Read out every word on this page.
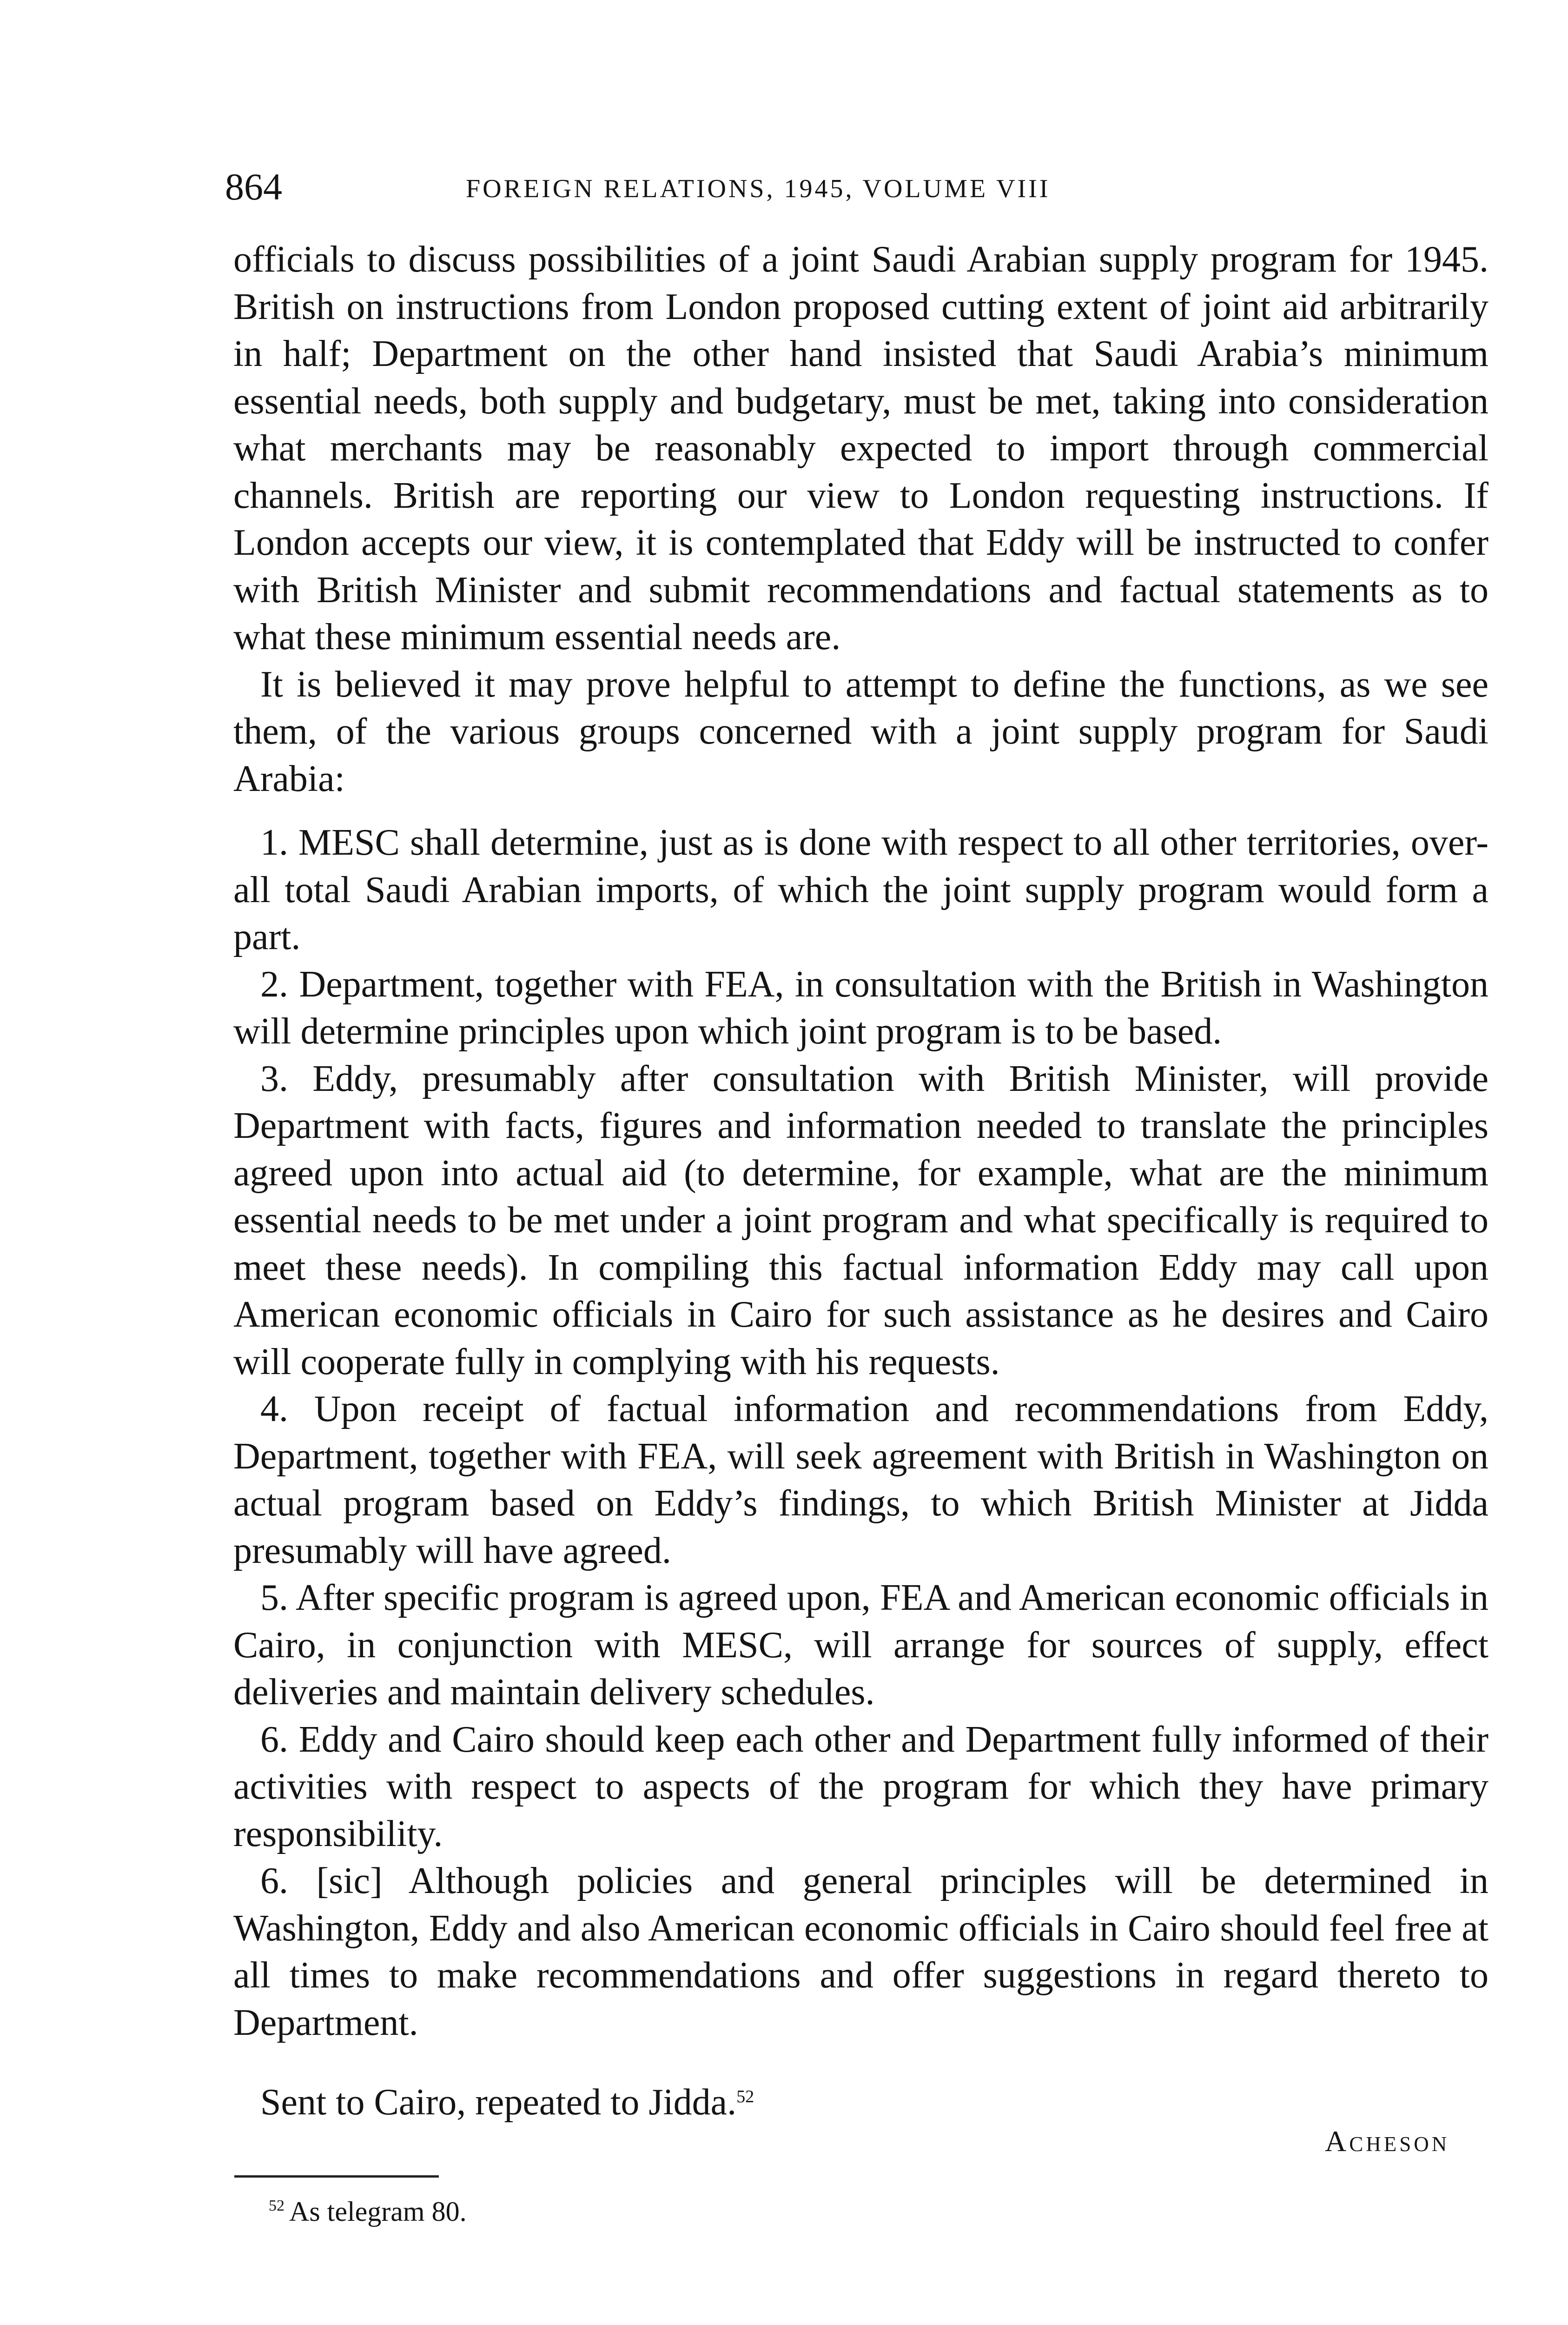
864	FOREIGN RELATIONS, 1945, VOLUME VIII

officials to discuss possibilities of a joint Saudi Arabian supply program for 1945. British on instructions from London proposed cutting extent of joint aid arbitrarily in half; Department on the other hand insisted that Saudi Arabia’s minimum essential needs, both supply and budgetary, must be met, taking into consideration what merchants may be reasonably expected to import through commercial channels. British are reporting our view to London requesting instructions. If London accepts our view, it is contemplated that Eddy will be instructed to confer with British Minister and submit recommendations and factual statements as to what these minimum essential needs are.

It is believed it may prove helpful to attempt to define the functions, as we see them, of the various groups concerned with a joint supply program for Saudi Arabia:

1. MESC shall determine, just as is done with respect to all other territories, over-all total Saudi Arabian imports, of which the joint supply program would form a part.

2. Department, together with FEA, in consultation with the British in Washington will determine principles upon which joint program is to be based.

3. Eddy, presumably after consultation with British Minister, will provide Department with facts, figures and information needed to translate the principles agreed upon into actual aid (to determine, for example, what are the minimum essential needs to be met under a joint program and what specifically is required to meet these needs). In compiling this factual information Eddy may call upon American economic officials in Cairo for such assistance as he desires and Cairo will cooperate fully in complying with his requests.

4. Upon receipt of factual information and recommendations from Eddy, Department, together with FEA, will seek agreement with British in Washington on actual program based on Eddy’s findings, to which British Minister at Jidda presumably will have agreed.

5. After specific program is agreed upon, FEA and American economic officials in Cairo, in conjunction with MESC, will arrange for sources of supply, effect deliveries and maintain delivery schedules.

6. Eddy and Cairo should keep each other and Department fully informed of their activities with respect to aspects of the program for which they have primary responsibility.

6. [sic] Although policies and general principles will be determined in Washington, Eddy and also American economic officials in Cairo should feel free at all times to make recommendations and offer suggestions in regard thereto to Department.

Sent to Cairo, repeated to Jidda.$^{52}$

Acheson
$^{52}$ As telegram 80.
